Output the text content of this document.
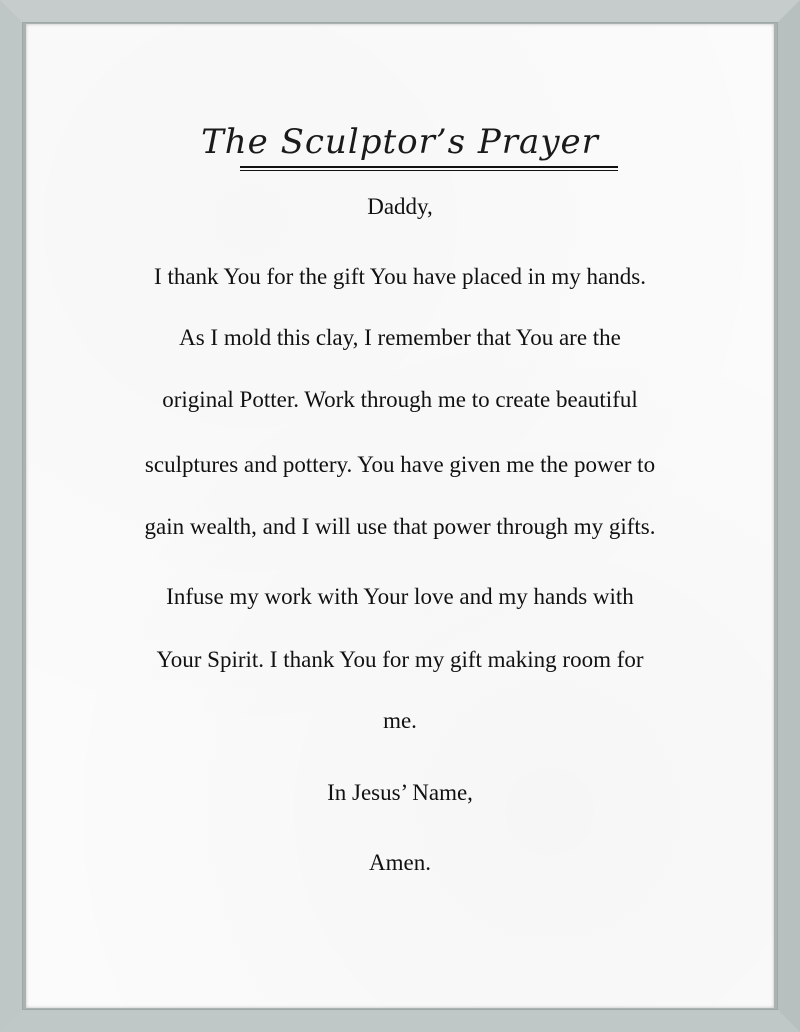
The Sculptor’s Prayer

Daddy,

I thank You for the gift You have placed in my hands.

As I mold this clay, I remember that You are the

original Potter. Work through me to create beautiful

sculptures and pottery. You have given me the power to

gain wealth, and I will use that power through my gifts.

Infuse my work with Your love and my hands with

Your Spirit. I thank You for my gift making room for

me.

In Jesus’ Name,

Amen.
